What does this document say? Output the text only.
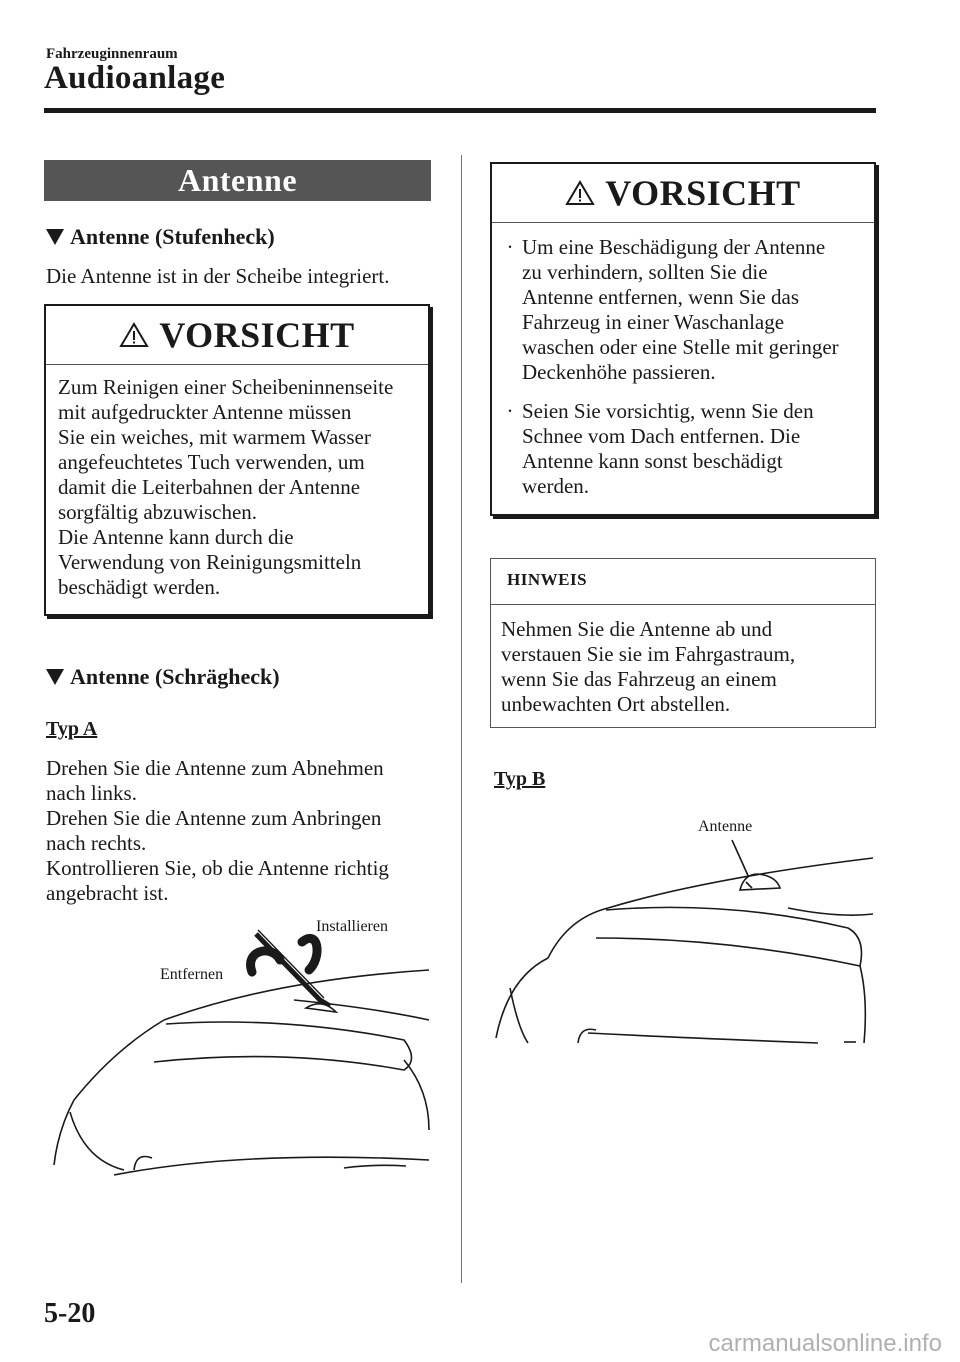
Fahrzeuginnenraum
Audioanlage
Antenne
Antenne (Stufenheck)
Die Antenne ist in der Scheibe integriert.
VORSICHT
Zum Reinigen einer Scheibeninnenseite
mit aufgedruckter Antenne müssen
Sie ein weiches, mit warmem Wasser
angefeuchtetes Tuch verwenden, um
damit die Leiterbahnen der Antenne
sorgfältig abzuwischen.
Die Antenne kann durch die
Verwendung von Reinigungsmitteln
beschädigt werden.
Antenne (Schrägheck)
Typ A
Drehen Sie die Antenne zum Abnehmen
nach links.
Drehen Sie die Antenne zum Anbringen
nach rechts.
Kontrollieren Sie, ob die Antenne richtig
angebracht ist.
Installieren
Entfernen
VORSICHT
· Um eine Beschädigung der Antenne
zu verhindern, sollten Sie die
Antenne entfernen, wenn Sie das
Fahrzeug in einer Waschanlage
waschen oder eine Stelle mit geringer
Deckenhöhe passieren.
· Seien Sie vorsichtig, wenn Sie den
Schnee vom Dach entfernen. Die
Antenne kann sonst beschädigt
werden.
HINWEIS
Nehmen Sie die Antenne ab und
verstauen Sie sie im Fahrgastraum,
wenn Sie das Fahrzeug an einem
unbewachten Ort abstellen.
Typ B
Antenne
5-20
carmanualsonline.info
